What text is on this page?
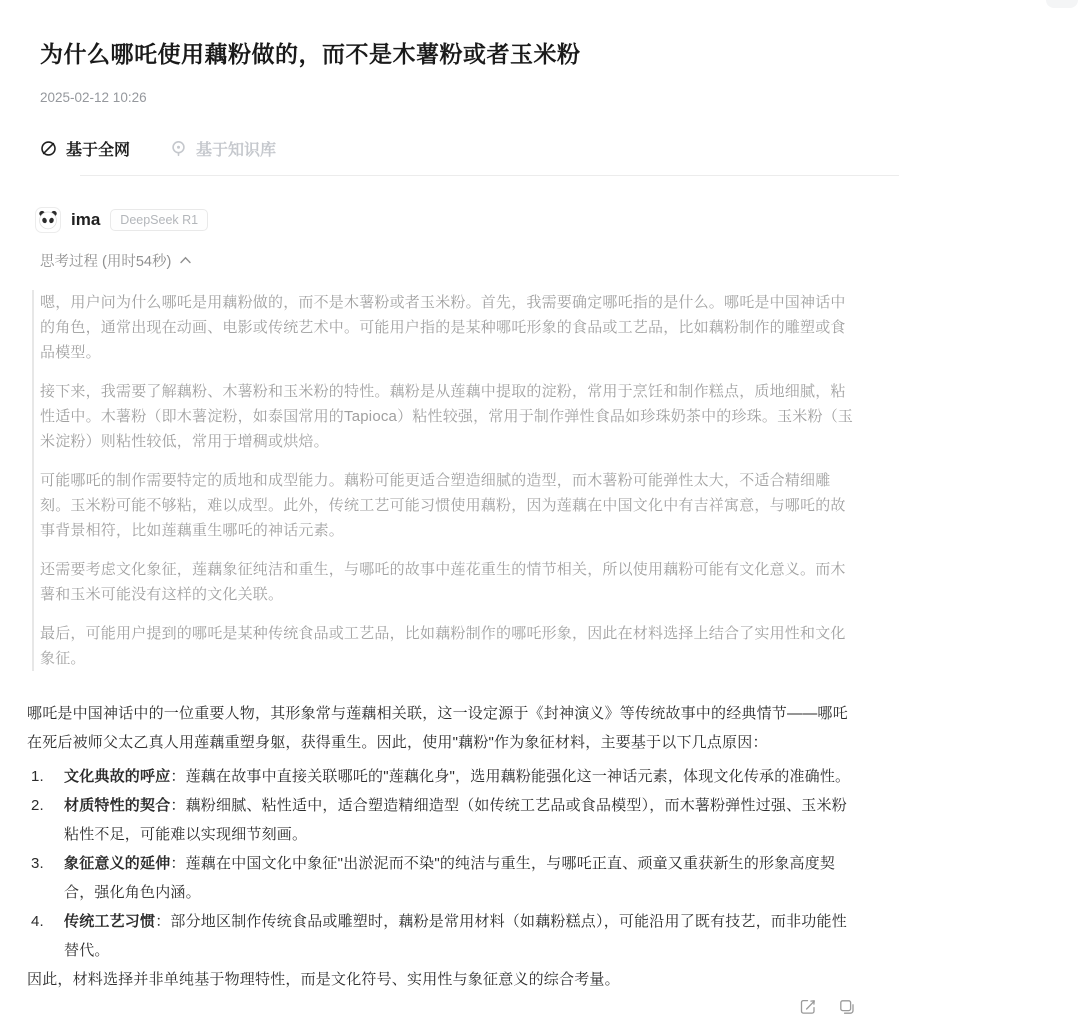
为什么哪吒使用藕粉做的，而不是木薯粉或者玉米粉
2025-02-12 10:26
基于全网	基于知识库
ima	DeepSeek R1
思考过程 (用时54秒)

嗯，用户问为什么哪吒是用藕粉做的，而不是木薯粉或者玉米粉。首先，我需要确定哪吒指的是什么。哪吒是中国神话中的角色，通常出现在动画、电影或传统艺术中。可能用户指的是某种哪吒形象的食品或工艺品，比如藕粉制作的雕塑或食品模型。

接下来，我需要了解藕粉、木薯粉和玉米粉的特性。藕粉是从莲藕中提取的淀粉，常用于烹饪和制作糕点，质地细腻，粘性适中。木薯粉（即木薯淀粉，如泰国常用的Tapioca）粘性较强，常用于制作弹性食品如珍珠奶茶中的珍珠。玉米粉（玉米淀粉）则粘性较低，常用于增稠或烘焙。

可能哪吒的制作需要特定的质地和成型能力。藕粉可能更适合塑造细腻的造型，而木薯粉可能弹性太大，不适合精细雕刻。玉米粉可能不够粘，难以成型。此外，传统工艺可能习惯使用藕粉，因为莲藕在中国文化中有吉祥寓意，与哪吒的故事背景相符，比如莲藕重生哪吒的神话元素。

还需要考虑文化象征，莲藕象征纯洁和重生，与哪吒的故事中莲花重生的情节相关，所以使用藕粉可能有文化意义。而木薯和玉米可能没有这样的文化关联。

最后，可能用户提到的哪吒是某种传统食品或工艺品，比如藕粉制作的哪吒形象，因此在材料选择上结合了实用性和文化象征。

哪吒是中国神话中的一位重要人物，其形象常与莲藕相关联，这一设定源于《封神演义》等传统故事中的经典情节——哪吒在死后被师父太乙真人用莲藕重塑身躯，获得重生。因此，使用"藕粉"作为象征材料，主要基于以下几点原因：

1. 文化典故的呼应：莲藕在故事中直接关联哪吒的"莲藕化身"，选用藕粉能强化这一神话元素，体现文化传承的准确性。
2. 材质特性的契合：藕粉细腻、粘性适中，适合塑造精细造型（如传统工艺品或食品模型），而木薯粉弹性过强、玉米粉粘性不足，可能难以实现细节刻画。
3. 象征意义的延伸：莲藕在中国文化中象征"出淤泥而不染"的纯洁与重生，与哪吒正直、顽童又重获新生的形象高度契合，强化角色内涵。
4. 传统工艺习惯：部分地区制作传统食品或雕塑时，藕粉是常用材料（如藕粉糕点），可能沿用了既有技艺，而非功能性替代。

因此，材料选择并非单纯基于物理特性，而是文化符号、实用性与象征意义的综合考量。
